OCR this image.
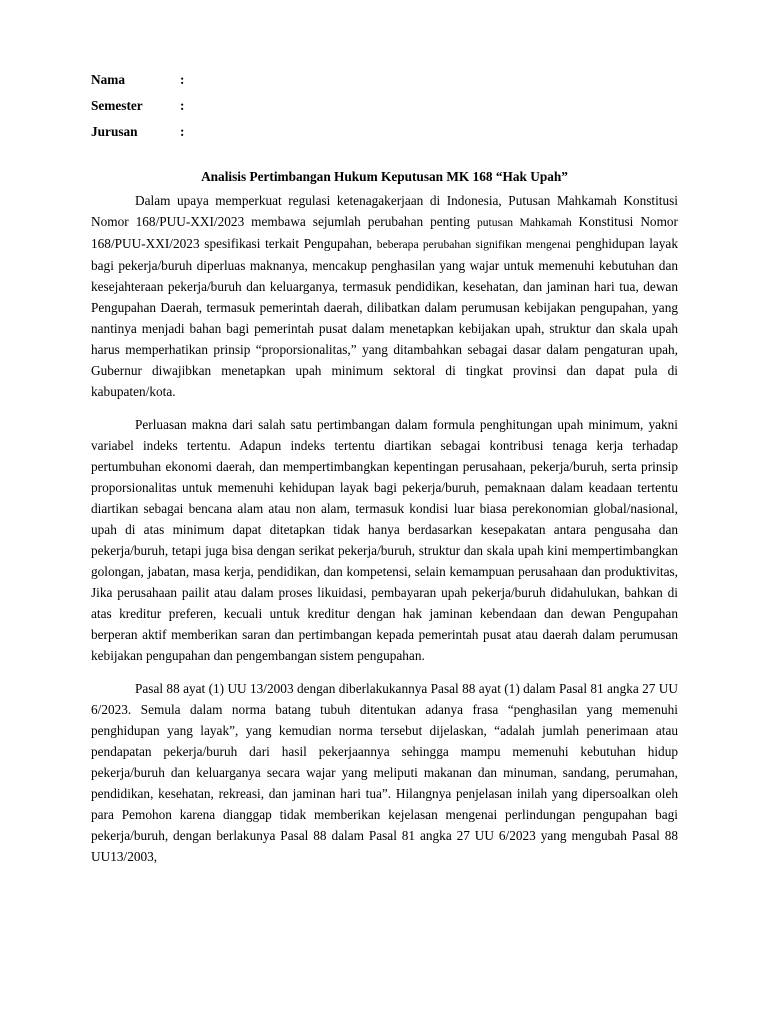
Nama	:
Semester	:
Jurusan	:
Analisis Pertimbangan Hukum Keputusan MK 168 “Hak Upah”

Dalam upaya memperkuat regulasi ketenagakerjaan di Indonesia, Putusan Mahkamah Konstitusi Nomor 168/PUU-XXI/2023 membawa sejumlah perubahan penting putusan Mahkamah Konstitusi Nomor 168/PUU-XXI/2023 spesifikasi terkait Pengupahan, beberapa perubahan signifikan mengenai penghidupan layak bagi pekerja/buruh diperluas maknanya, mencakup penghasilan yang wajar untuk memenuhi kebutuhan dan kesejahteraan pekerja/buruh dan keluarganya, termasuk pendidikan, kesehatan, dan jaminan hari tua, dewan Pengupahan Daerah, termasuk pemerintah daerah, dilibatkan dalam perumusan kebijakan pengupahan, yang nantinya menjadi bahan bagi pemerintah pusat dalam menetapkan kebijakan upah, struktur dan skala upah harus memperhatikan prinsip “proporsionalitas,” yang ditambahkan sebagai dasar dalam pengaturan upah, Gubernur diwajibkan menetapkan upah minimum sektoral di tingkat provinsi dan dapat pula di kabupaten/kota.

Perluasan makna dari salah satu pertimbangan dalam formula penghitungan upah minimum, yakni variabel indeks tertentu. Adapun indeks tertentu diartikan sebagai kontribusi tenaga kerja terhadap pertumbuhan ekonomi daerah, dan mempertimbangkan kepentingan perusahaan, pekerja/buruh, serta prinsip proporsionalitas untuk memenuhi kehidupan layak bagi pekerja/buruh, pemaknaan dalam keadaan tertentu diartikan sebagai bencana alam atau non alam, termasuk kondisi luar biasa perekonomian global/nasional, upah di atas minimum dapat ditetapkan tidak hanya berdasarkan kesepakatan antara pengusaha dan pekerja/buruh, tetapi juga bisa dengan serikat pekerja/buruh, struktur dan skala upah kini mempertimbangkan golongan, jabatan, masa kerja, pendidikan, dan kompetensi, selain kemampuan perusahaan dan produktivitas, Jika perusahaan pailit atau dalam proses likuidasi, pembayaran upah pekerja/buruh didahulukan, bahkan di atas kreditur preferen, kecuali untuk kreditur dengan hak jaminan kebendaan dan dewan Pengupahan berperan aktif memberikan saran dan pertimbangan kepada pemerintah pusat atau daerah dalam perumusan kebijakan pengupahan dan pengembangan sistem pengupahan.

Pasal 88 ayat (1) UU 13/2003 dengan diberlakukannya Pasal 88 ayat (1) dalam Pasal 81 angka 27 UU 6/2023. Semula dalam norma batang tubuh ditentukan adanya frasa “penghasilan yang memenuhi penghidupan yang layak”, yang kemudian norma tersebut dijelaskan, “adalah jumlah penerimaan atau pendapatan pekerja/buruh dari hasil pekerjaannya sehingga mampu memenuhi kebutuhan hidup pekerja/buruh dan keluarganya secara wajar yang meliputi makanan dan minuman, sandang, perumahan, pendidikan, kesehatan, rekreasi, dan jaminan hari tua”. Hilangnya penjelasan inilah yang dipersoalkan oleh para Pemohon karena dianggap tidak memberikan kejelasan mengenai perlindungan pengupahan bagi pekerja/buruh, dengan berlakunya Pasal 88 dalam Pasal 81 angka 27 UU 6/2023 yang mengubah Pasal 88 UU13/2003,
